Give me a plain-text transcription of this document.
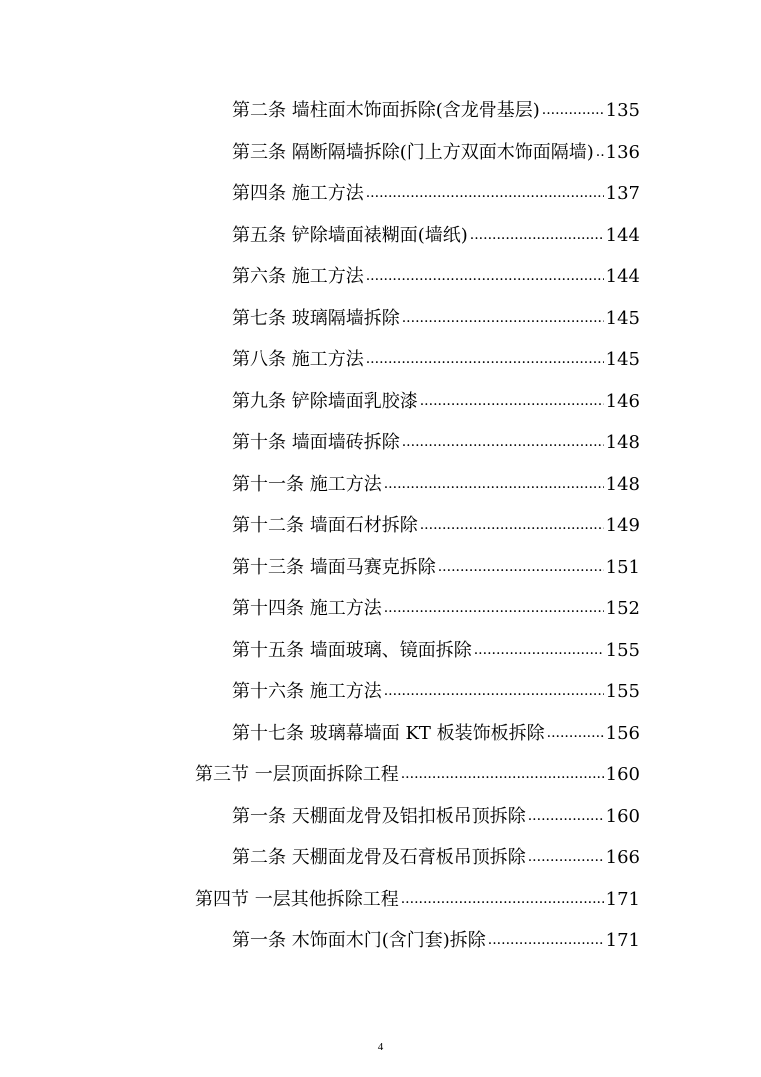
第二条 墙柱面木饰面拆除(含龙骨基层) .....	135
第三条 隔断隔墙拆除(门上方双面木饰面隔墙) ..... 136
第四条 施工方法 .....	137
第五条 铲除墙面裱糊面(墙纸) .....	144
第六条 施工方法 .....	144
第七条 玻璃隔墙拆除 .....	145
第八条 施工方法 .....	145
第九条 铲除墙面乳胶漆 .....	146
第十条 墙面墙砖拆除 .....	148
第十一条 施工方法 .....	148
第十二条 墙面石材拆除 .....	149
第十三条 墙面马赛克拆除 .....	151
第十四条 施工方法 .....	152
第十五条 墙面玻璃、镜面拆除 .....	155
第十六条 施工方法 .....	155
第十七条 玻璃幕墙面 KT 板装饰板拆除 .....	156
第三节 一层顶面拆除工程 .....	160
第一条 天棚面龙骨及铝扣板吊顶拆除 .....	160
第二条 天棚面龙骨及石膏板吊顶拆除 .....	166
第四节 一层其他拆除工程 .....	171
第一条 木饰面木门(含门套)拆除 .....	171
4
